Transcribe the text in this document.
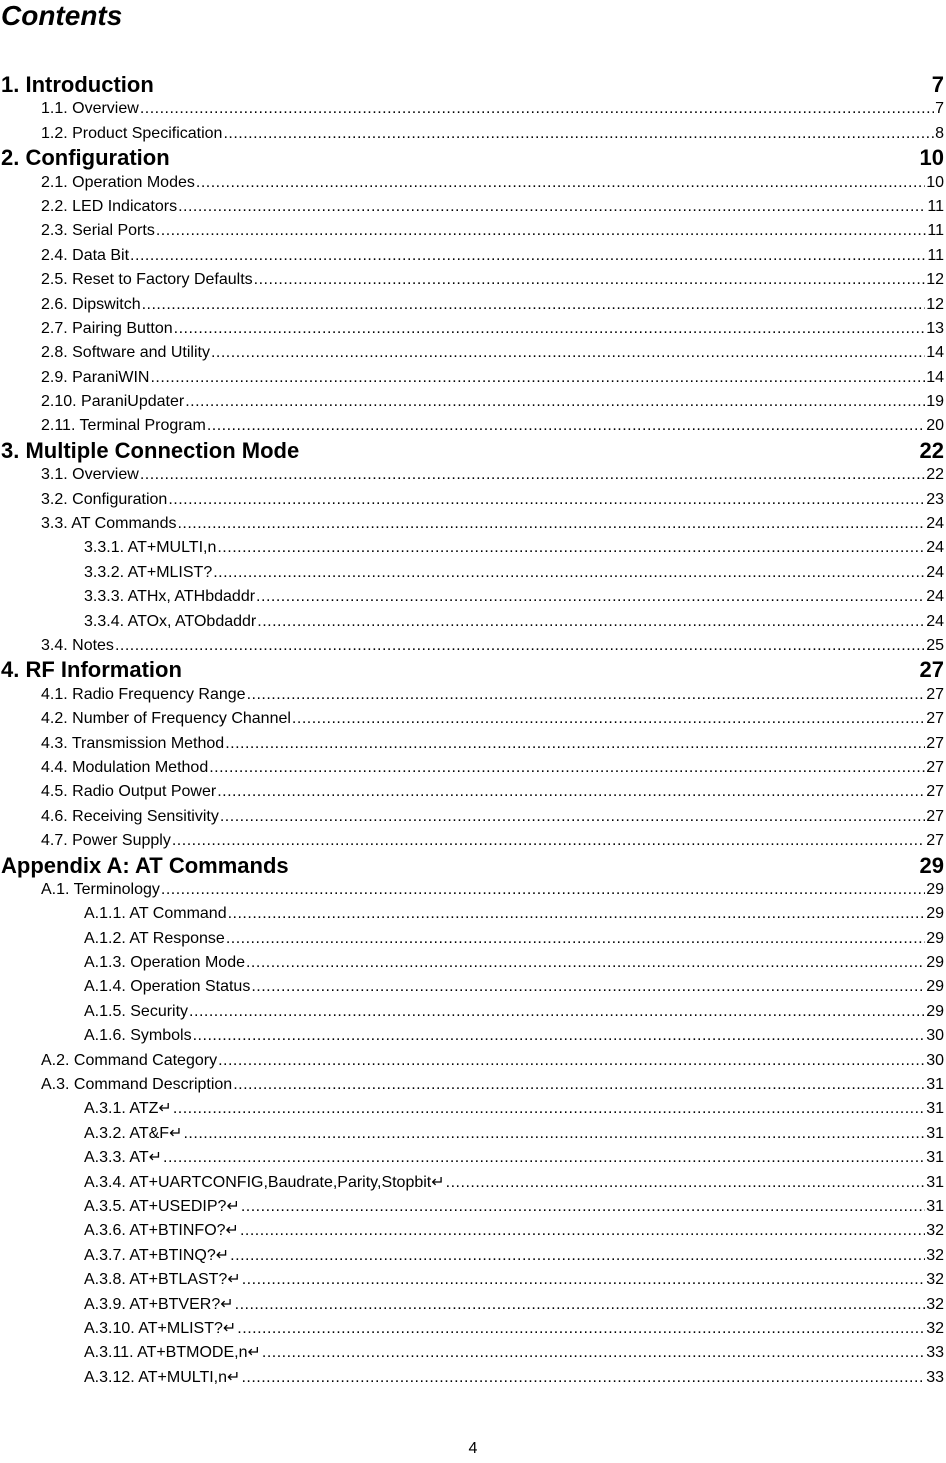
Contents
1. Introduction	7
1.1. Overview .....	7
1.2. Product Specification .....	8
2. Configuration	10
2.1. Operation Modes .....	10
2.2. LED Indicators .....	11
2.3. Serial Ports .....	11
2.4. Data Bit .....	11
2.5. Reset to Factory Defaults .....	12
2.6. Dipswitch .....	12
2.7. Pairing Button .....	13
2.8. Software and Utility .....	14
2.9. ParaniWIN .....	14
2.10. ParaniUpdater .....	19
2.11. Terminal Program .....	20
3. Multiple Connection Mode	22
3.1. Overview .....	22
3.2. Configuration .....	23
3.3. AT Commands .....	24
3.3.1. AT+MULTI,n .....	24
3.3.2. AT+MLIST? .....	24
3.3.3. ATHx, ATHbdaddr .....	24
3.3.4. ATOx, ATObdaddr .....	24
3.4. Notes .....	25
4. RF Information	27
4.1. Radio Frequency Range .....	27
4.2. Number of Frequency Channel .....	27
4.3. Transmission Method .....	27
4.4. Modulation Method .....	27
4.5. Radio Output Power .....	27
4.6. Receiving Sensitivity .....	27
4.7. Power Supply .....	27
Appendix A: AT Commands	29
A.1. Terminology .....	29
A.1.1. AT Command .....	29
A.1.2. AT Response .....	29
A.1.3. Operation Mode .....	29
A.1.4. Operation Status .....	29
A.1.5. Security .....	29
A.1.6. Symbols .....	30
A.2. Command Category .....	30
A.3. Command Description .....	31
A.3.1. ATZ↵ .....	31
A.3.2. AT&F↵ .....	31
A.3.3. AT↵ .....	31
A.3.4. AT+UARTCONFIG,Baudrate,Parity,Stopbit↵ .....	31
A.3.5. AT+USEDIP?↵ .....	31
A.3.6. AT+BTINFO?↵ .....	32
A.3.7. AT+BTINQ?↵ .....	32
A.3.8. AT+BTLAST?↵ .....	32
A.3.9. AT+BTVER?↵ .....	32
A.3.10. AT+MLIST?↵ .....	32
A.3.11. AT+BTMODE,n↵ .....	33
A.3.12. AT+MULTI,n↵ .....	33
4
